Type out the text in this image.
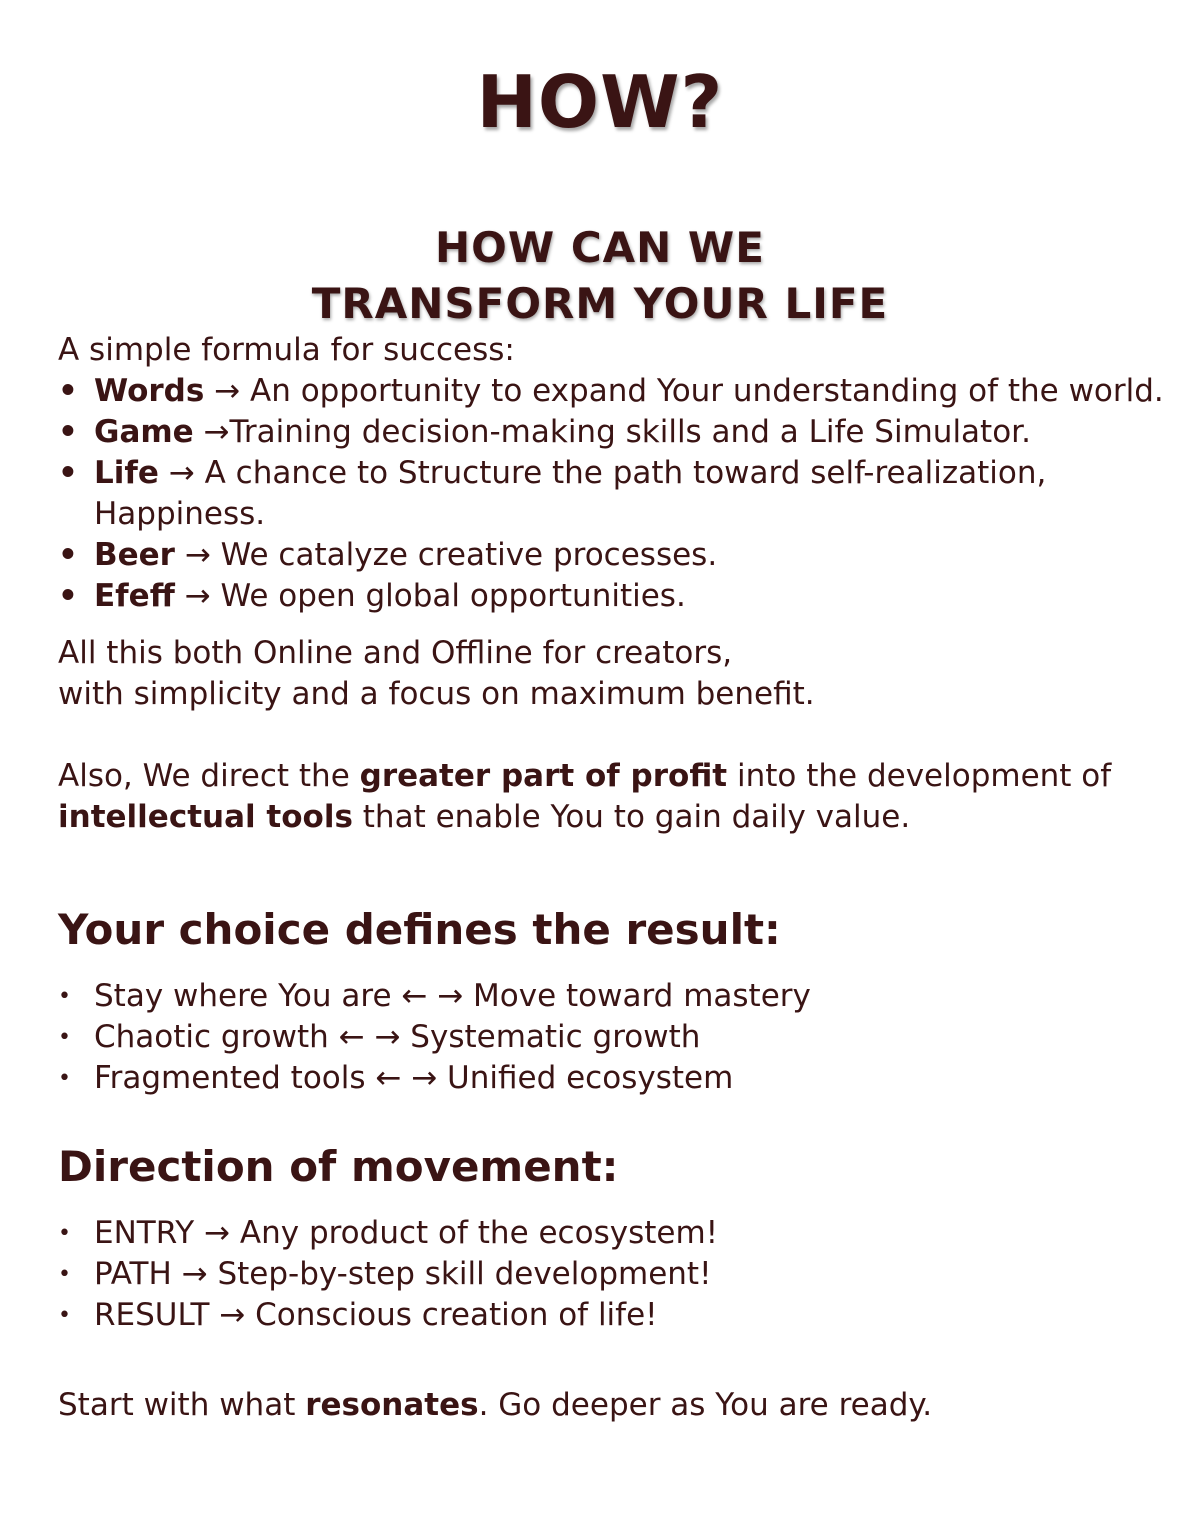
HOW?
HOW CAN WE
TRANSFORM YOUR LIFE

A simple formula for success:

• Words → An opportunity to expand Your understanding of the world.
• Game →Training decision-making skills and a Life Simulator.
• Life → A chance to Structure the path toward self-realization, Happiness.
• Beer → We catalyze creative processes.
• Efeff → We open global opportunities.

All this both Online and Offline for creators,
with simplicity and a focus on maximum benefit.

Also, We direct the greater part of profit into the development of intellectual tools that enable You to gain daily value.

Your choice defines the result:
• Stay where You are ← → Move toward mastery
• Chaotic growth ← → Systematic growth
• Fragmented tools ← → Unified ecosystem
Direction of movement:
• ENTRY → Any product of the ecosystem!
• PATH → Step-by-step skill development!
• RESULT → Conscious creation of life!

Start with what resonates. Go deeper as You are ready.
